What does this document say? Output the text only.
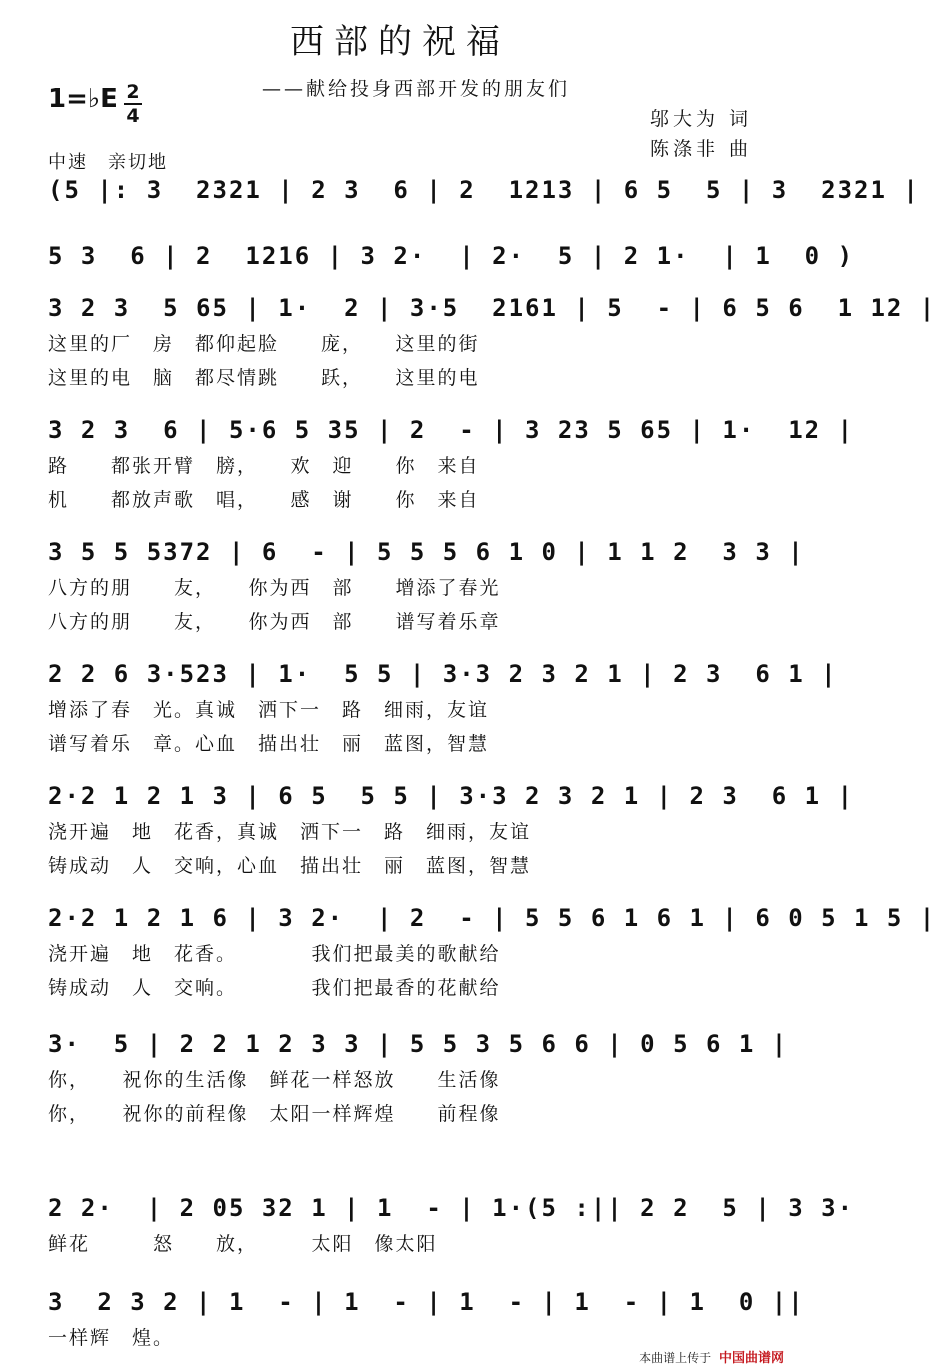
西部的祝福
1=♭E 2
4
——献给投身西部开发的朋友们
邬大为 词
陈涤非 曲
中速　亲切地
(5 |: 3  2321 | 2 3  6 | 2  1213 | 6 5  5 | 3  2321 |
5 3  6 | 2  1216 | 3 2·  | 2·  5 | 2 1·  | 1  0 )
3 2 3  5 65 | 1·  2 | 3·5  2161 | 5  - | 6 5 6  1 12 |
这里的厂　房　都仰起脸　　庞，　　这里的街
这里的电　脑　都尽情跳　　跃，　　这里的电
3 2 3  6 | 5·6 5 35 | 2  - | 3 23 5 65 | 1·  12 |
路　　都张开臂　膀，　　欢　迎　　你　来自
机　　都放声歌　唱，　　感　谢　　你　来自
3 5 5 5372 | 6  - | 5 5 5 6 1 0 | 1 1 2  3 3 |
八方的朋　　友，　　你为西　部　　增添了春光
八方的朋　　友，　　你为西　部　　谱写着乐章
2 2 6 3·523 | 1·  5 5 | 3·3 2 3 2 1 | 2 3  6 1 |
增添了春　光。真诚　洒下一　路　细雨，友谊
谱写着乐　章。心血　描出壮　丽　蓝图，智慧
2·2 1 2 1 3 | 6 5  5 5 | 3·3 2 3 2 1 | 2 3  6 1 |
浇开遍　地　花香，真诚　洒下一　路　细雨，友谊
铸成动　人　交响，心血　描出壮　丽　蓝图，智慧
2·2 1 2 1 6 | 3 2·  | 2  - | 5 5 6 1 6 1 | 6 0 5 1 5 |
浇开遍　地　花香。　　　　我们把最美的歌献给
铸成动　人　交响。　　　　我们把最香的花献给
3·  5 | 2 2 1 2 3 3 | 5 5 3 5 6 6 | 0 5 6 1 |
你，　　祝你的生活像　鲜花一样怒放　　生活像
你，　　祝你的前程像　太阳一样辉煌　　前程像
2 2·  | 2 05 32 1 | 1  - | 1·(5 :|| 2 2  5 | 3 3·
鲜花　　　怒　　放，　　　太阳　像太阳
3  2 3 2 | 1  - | 1  - | 1  - | 1  - | 1  0 ||
一样辉　煌。
本曲谱上传于 中国曲谱网
